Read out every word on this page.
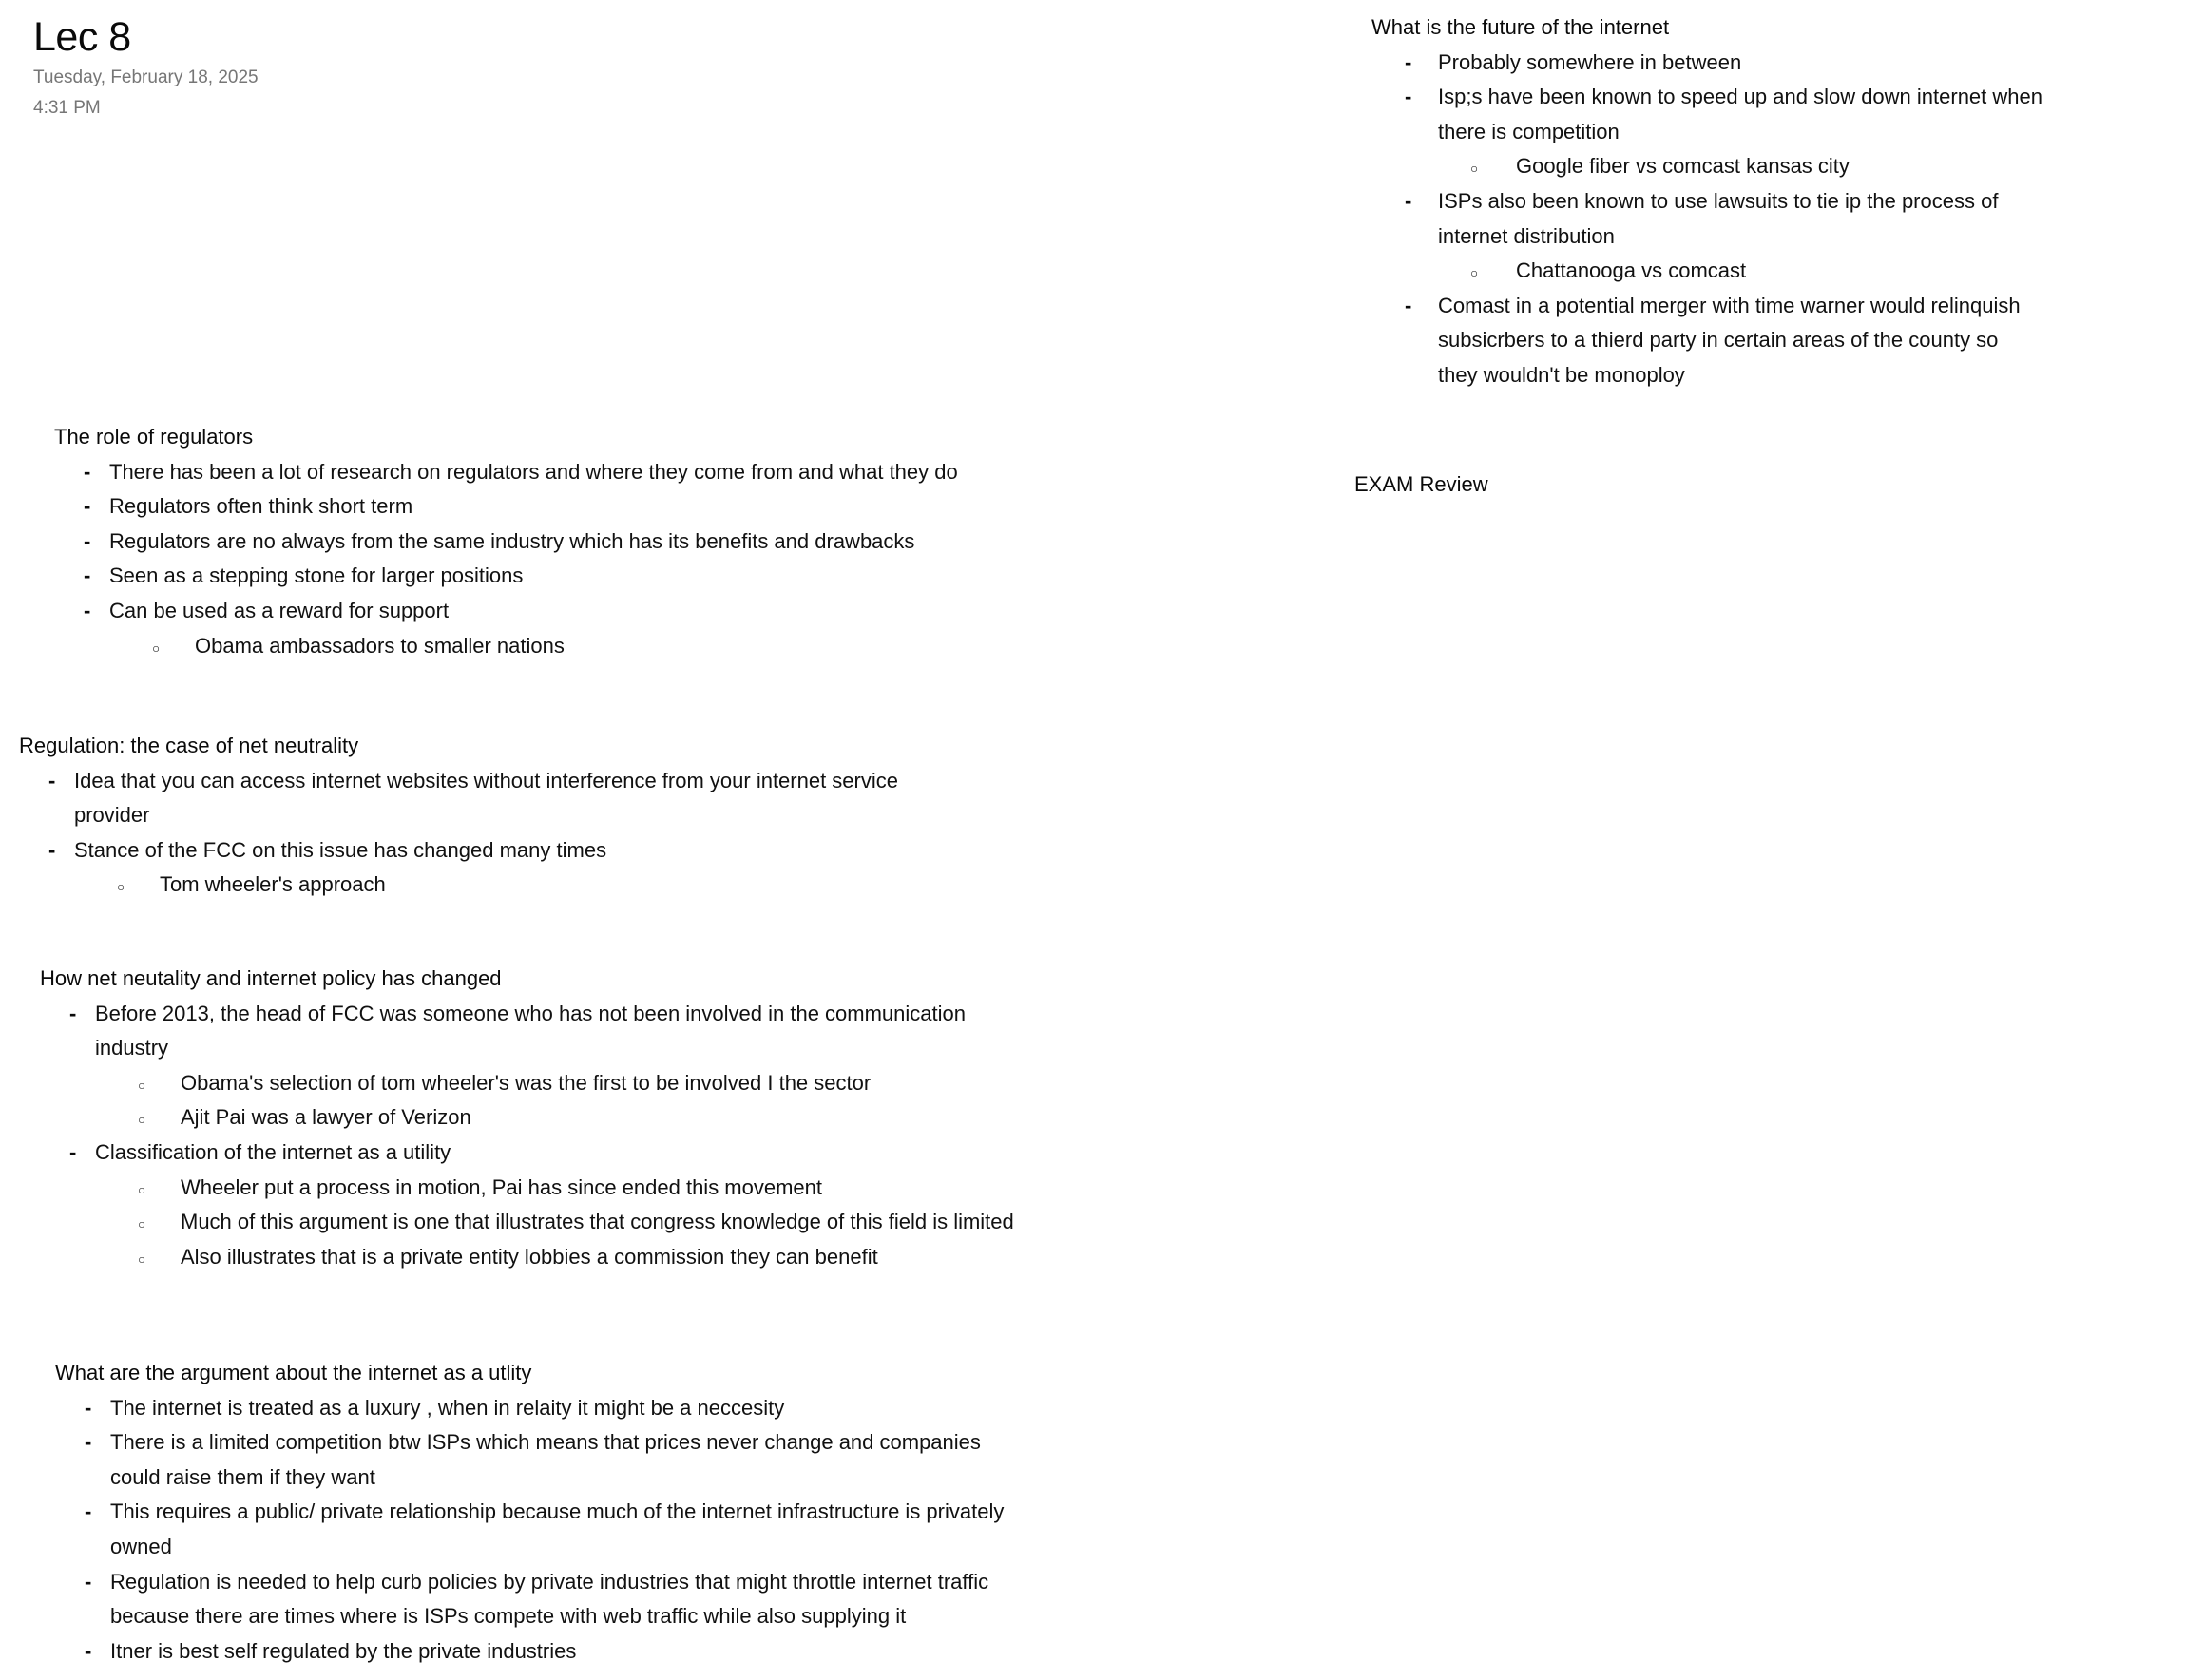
Lec 8
Tuesday, February 18, 2025
4:31 PM
The role of regulators
- There has been a lot of research on regulators and where they come from and what they do
- Regulators often think short term
- Regulators are no always from the same industry which has its benefits and drawbacks
- Seen as a stepping stone for larger positions
- Can be used as a reward for support
○ Obama ambassadors to smaller nations
Regulation: the case of net neutrality
- Idea that you can access internet websites without interference from your internet service
provider
- Stance of the FCC on this issue has changed many times
○ Tom wheeler's approach
How net neutality and internet policy has changed
- Before 2013, the head of FCC was someone who has not been involved in the communication
industry
○ Obama's selection of tom wheeler's was the first to be involved I the sector
○ Ajit Pai was a lawyer of Verizon
- Classification of the internet as a utility
○ Wheeler put a process in motion, Pai has since ended this movement
○ Much of this argument is one that illustrates that congress knowledge of this field is limited
○ Also illustrates that is a private entity lobbies a commission they can benefit
What are the argument about the internet as a utlity
- The internet is treated as a luxury , when in relaity it might be a neccesity
- There is a limited competition btw ISPs which means that prices never change and companies
could raise them if they want
- This requires a public/ private relationship because much of the internet infrastructure is privately
owned
- Regulation is needed to help curb policies by private industries that might throttle internet traffic
because there are times where is ISPs compete with web traffic while also supplying it
- Itner is best self regulated by the private industries
What is the future of the internet
- Probably somewhere in between
- Isp;s have been known to speed up and slow down internet when
there is competition
○ Google fiber vs comcast kansas city
- ISPs also been known to use lawsuits to tie ip the process of
internet distribution
○ Chattanooga vs comcast
- Comast in a potential merger with time warner would relinquish
subsicrbers to a thierd party in certain areas of the county so
they wouldn't be monoploy
EXAM Review
